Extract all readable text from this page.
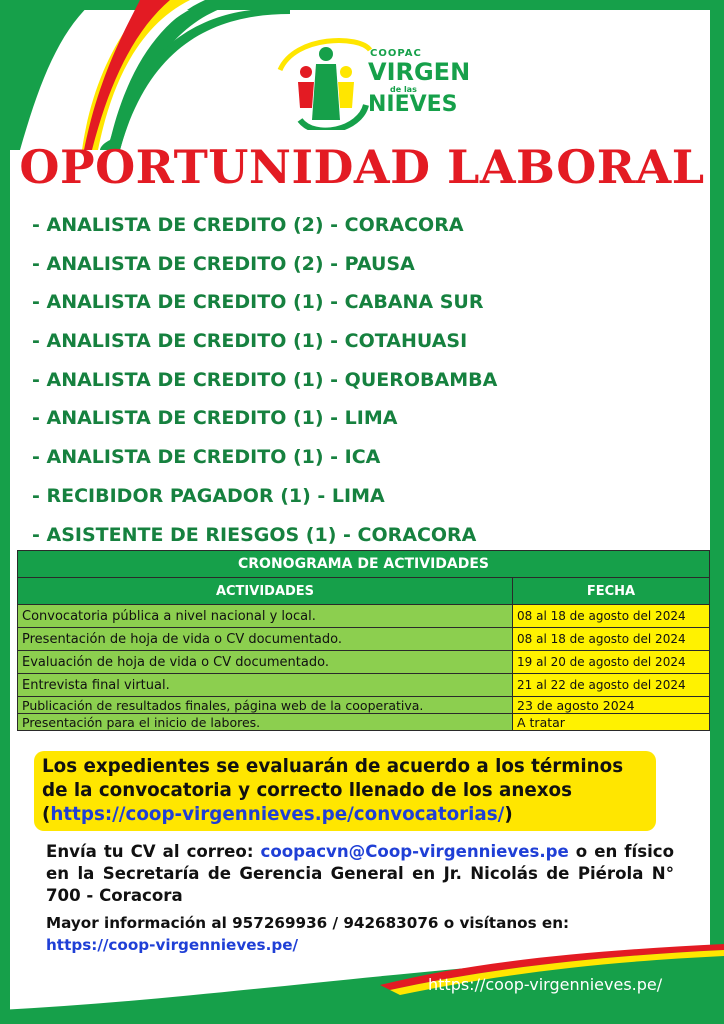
COOPAC
VIRGEN
de las
NIEVES
OPORTUNIDAD LABORAL
- ANALISTA DE CREDITO (2) - CORACORA
- ANALISTA DE CREDITO (2) - PAUSA
- ANALISTA DE CREDITO (1) - CABANA SUR
- ANALISTA DE CREDITO (1) - COTAHUASI
- ANALISTA DE CREDITO (1) - QUEROBAMBA
- ANALISTA DE CREDITO (1) - LIMA
- ANALISTA DE CREDITO (1) - ICA
- RECIBIDOR PAGADOR (1) - LIMA
- ASISTENTE DE RIESGOS (1) - CORACORA
CRONOGRAMA DE ACTIVIDADES	
ACTIVIDADES	FECHA
Convocatoria pública a nivel nacional y local.	08 al 18 de agosto del 2024
Presentación de hoja de vida o CV documentado.	08 al 18 de agosto del 2024
Evaluación de hoja de vida o CV documentado.	19 al 20 de agosto del 2024
Entrevista final virtual.	21 al 22 de agosto del 2024
Publicación de resultados finales, página web de la cooperativa.	23 de agosto 2024
Presentación para el inicio de labores.	A tratar
Los expedientes se evaluarán de acuerdo a los términos de la convocatoria y correcto llenado de los anexos (https://coop-virgennieves.pe/convocatorias/)
Envía tu CV al correo: coopacvn@Coop-virgennieves.pe o en físico en la Secretaría de Gerencia General en Jr. Nicolás de Piérola N° 700 - Coracora
Mayor información al 957269936 / 942683076 o visítanos en: https://coop-virgennieves.pe/
https://coop-virgennieves.pe/
